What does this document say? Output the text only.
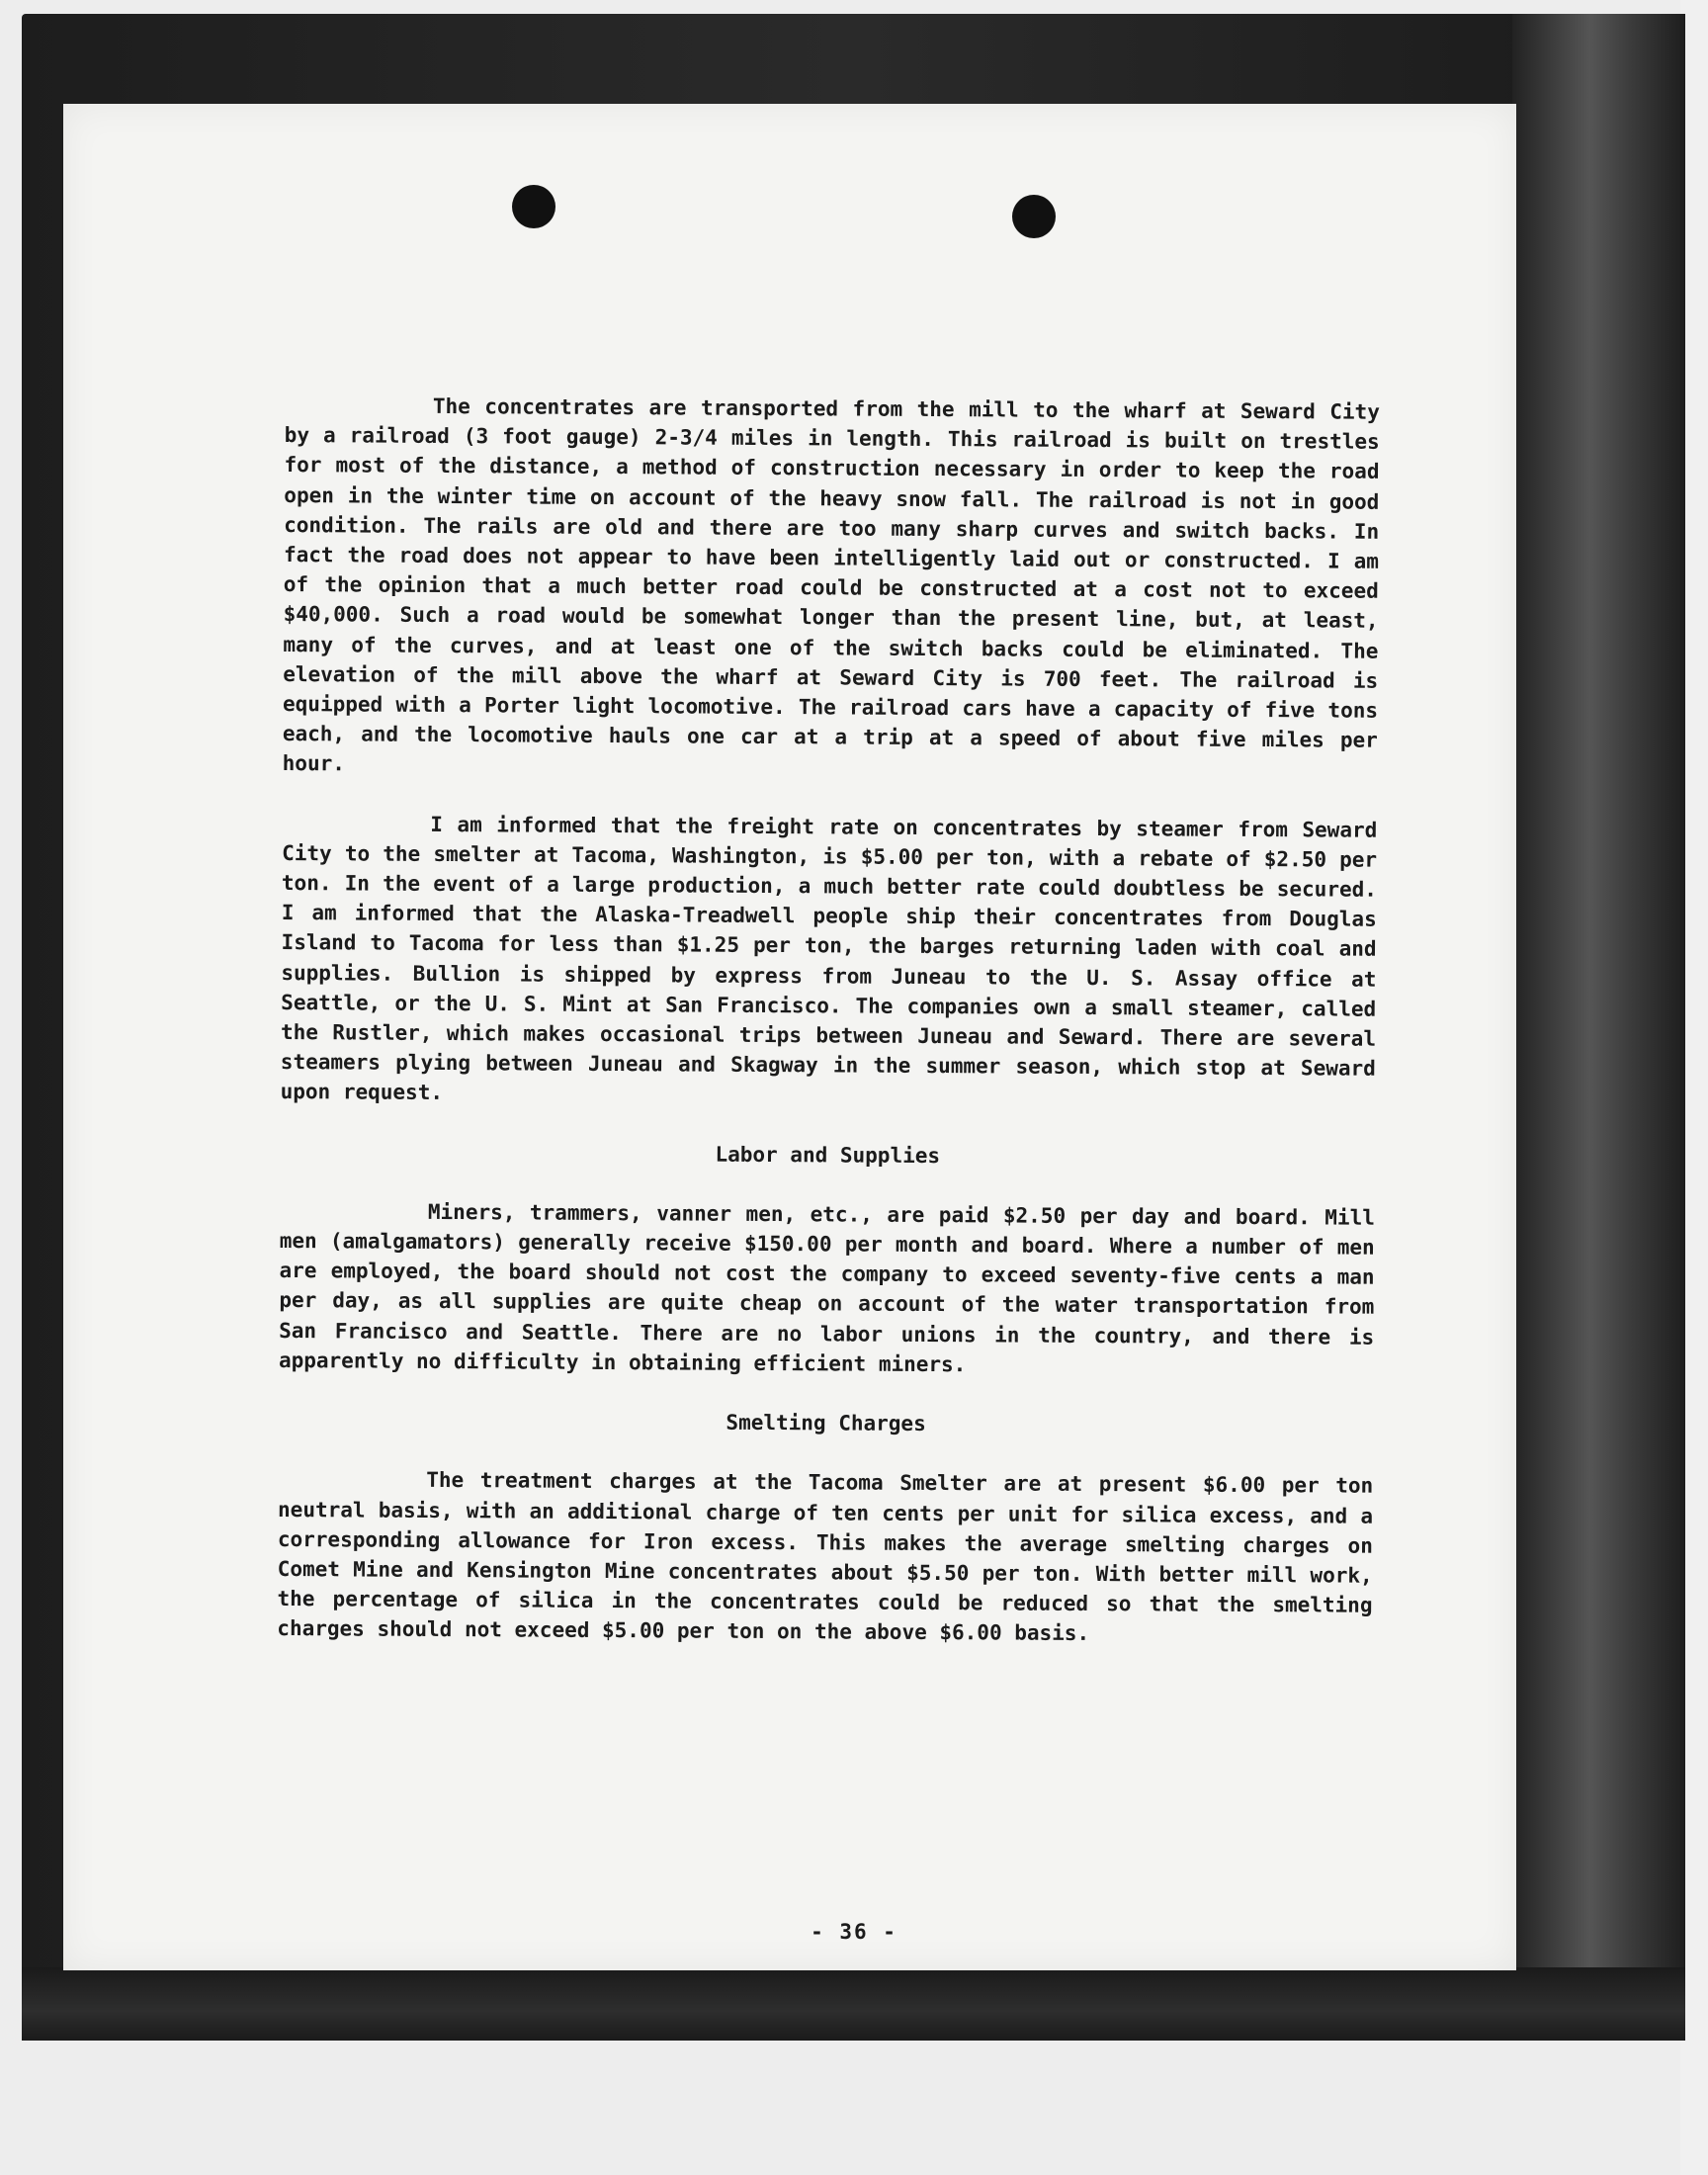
The concentrates are transported from the mill to the wharf at Seward City by a railroad (3 foot gauge) 2-3/4 miles in length. This railroad is built on trestles for most of the distance, a method of construction necessary in order to keep the road open in the winter time on account of the heavy snow fall. The railroad is not in good condition. The rails are old and there are too many sharp curves and switch backs. In fact the road does not appear to have been intelligently laid out or constructed. I am of the opinion that a much better road could be constructed at a cost not to exceed $40,000. Such a road would be somewhat longer than the present line, but, at least, many of the curves, and at least one of the switch backs could be eliminated. The elevation of the mill above the wharf at Seward City is 700 feet. The railroad is equipped with a Porter light locomotive. The railroad cars have a capacity of five tons each, and the locomotive hauls one car at a trip at a speed of about five miles per hour.

I am informed that the freight rate on concentrates by steamer from Seward City to the smelter at Tacoma, Washington, is $5.00 per ton, with a rebate of $2.50 per ton. In the event of a large production, a much better rate could doubtless be secured. I am informed that the Alaska-Treadwell people ship their concentrates from Douglas Island to Tacoma for less than $1.25 per ton, the barges returning laden with coal and supplies. Bullion is shipped by express from Juneau to the U. S. Assay office at Seattle, or the U. S. Mint at San Francisco. The companies own a small steamer, called the Rustler, which makes occasional trips between Juneau and Seward. There are several steamers plying between Juneau and Skagway in the summer season, which stop at Seward upon request.

Labor and Supplies

Miners, trammers, vanner men, etc., are paid $2.50 per day and board. Mill men (amalgamators) generally receive $150.00 per month and board. Where a number of men are employed, the board should not cost the company to exceed seventy-five cents a man per day, as all supplies are quite cheap on account of the water transportation from San Francisco and Seattle. There are no labor unions in the country, and there is apparently no difficulty in obtaining efficient miners.

Smelting Charges

The treatment charges at the Tacoma Smelter are at present $6.00 per ton neutral basis, with an additional charge of ten cents per unit for silica excess, and a corresponding allowance for Iron excess. This makes the average smelting charges on Comet Mine and Kensington Mine concentrates about $5.50 per ton. With better mill work, the percentage of silica in the concentrates could be reduced so that the smelting charges should not exceed $5.00 per ton on the above $6.00 basis.

- 36 -
